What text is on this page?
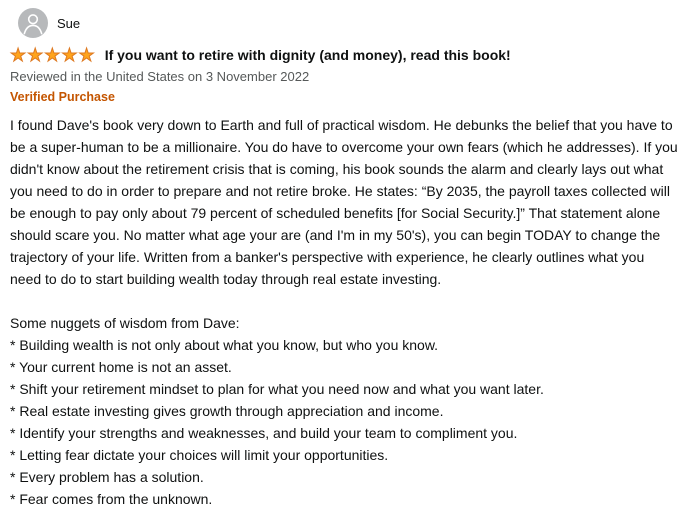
Sue
★★★★★ If you want to retire with dignity (and money), read this book!
Reviewed in the United States on 3 November 2022
Verified Purchase

I found Dave's book very down to Earth and full of practical wisdom. He debunks the belief that you have to be a super-human to be a millionaire. You do have to overcome your own fears (which he addresses). If you didn't know about the retirement crisis that is coming, his book sounds the alarm and clearly lays out what you need to do in order to prepare and not retire broke. He states: “By 2035, the payroll taxes collected will be enough to pay only about 79 percent of scheduled benefits [for Social Security.]” That statement alone should scare you. No matter what age your are (and I'm in my 50's), you can begin TODAY to change the trajectory of your life. Written from a banker's perspective with experience, he clearly outlines what you need to do to start building wealth today through real estate investing.

Some nuggets of wisdom from Dave:
* Building wealth is not only about what you know, but who you know.
* Your current home is not an asset.
* Shift your retirement mindset to plan for what you need now and what you want later.
* Real estate investing gives growth through appreciation and income.
* Identify your strengths and weaknesses, and build your team to compliment you.
* Letting fear dictate your choices will limit your opportunities.
* Every problem has a solution.
* Fear comes from the unknown.
